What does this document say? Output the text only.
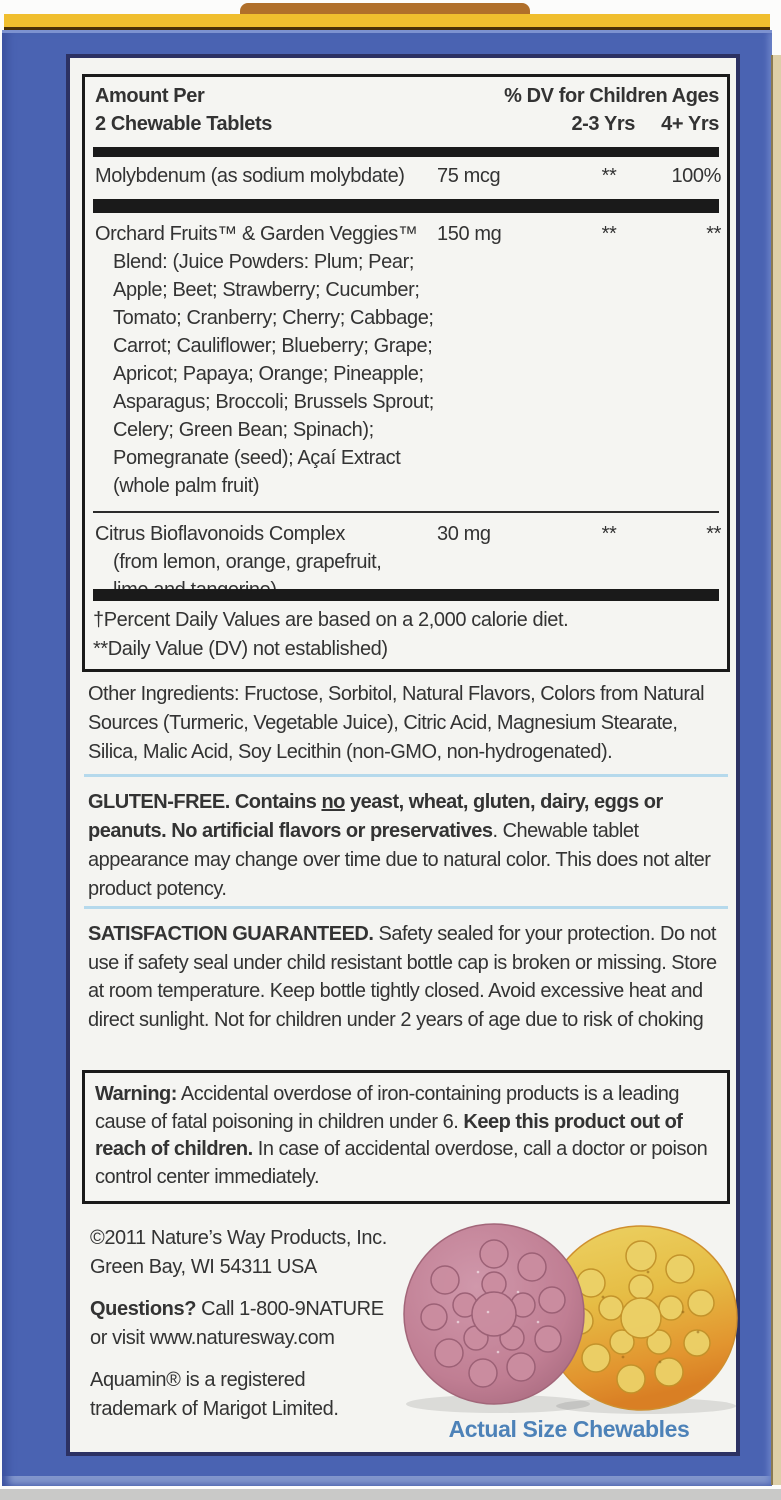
Amount Per
2 Chewable Tablets
% DV for Children Ages
2-3 Yrs 4+ Yrs
Molybdenum (as sodium molybdate) 75 mcg	**	100%
Orchard Fruits™ & Garden Veggies™ 150 mg	**	**
Blend: (Juice Powders: Plum; Pear;
Apple; Beet; Strawberry; Cucumber;
Tomato; Cranberry; Cherry; Cabbage;
Carrot; Cauliflower; Blueberry; Grape;
Apricot; Papaya; Orange; Pineapple;
Asparagus; Broccoli; Brussels Sprout;
Celery; Green Bean; Spinach);
Pomegranate (seed); Açaí Extract
(whole palm fruit)
Citrus Bioflavonoids Complex	30 mg	**	**
(from lemon, orange, grapefruit,
†Percent Daily Values are based on a 2,000 calorie diet.
**Daily Value (DV) not established)
Other Ingredients: Fructose, Sorbitol, Natural Flavors, Colors from Natural Sources (Turmeric, Vegetable Juice), Citric Acid, Magnesium Stearate, Silica, Malic Acid, Soy Lecithin (non-GMO, non-hydrogenated).
GLUTEN-FREE. Contains no yeast, wheat, gluten, dairy, eggs or peanuts. No artificial flavors or preservatives. Chewable tablet appearance may change over time due to natural color. This does not alter product potency.
SATISFACTION GUARANTEED. Safety sealed for your protection. Do not use if safety seal under child resistant bottle cap is broken or missing. Store at room temperature. Keep bottle tightly closed. Avoid excessive heat and direct sunlight. Not for children under 2 years of age due to risk of choking
Warning: Accidental overdose of iron-containing products is a leading cause of fatal poisoning in children under 6. Keep this product out of reach of children. In case of accidental overdose, call a doctor or poison control center immediately.
©2011 Nature’s Way Products, Inc.
Green Bay, WI 54311 USA
Questions? Call 1-800-9NATURE
or visit www.naturesway.com
Aquamin® is a registered
trademark of Marigot Limited.
Actual Size Chewables
